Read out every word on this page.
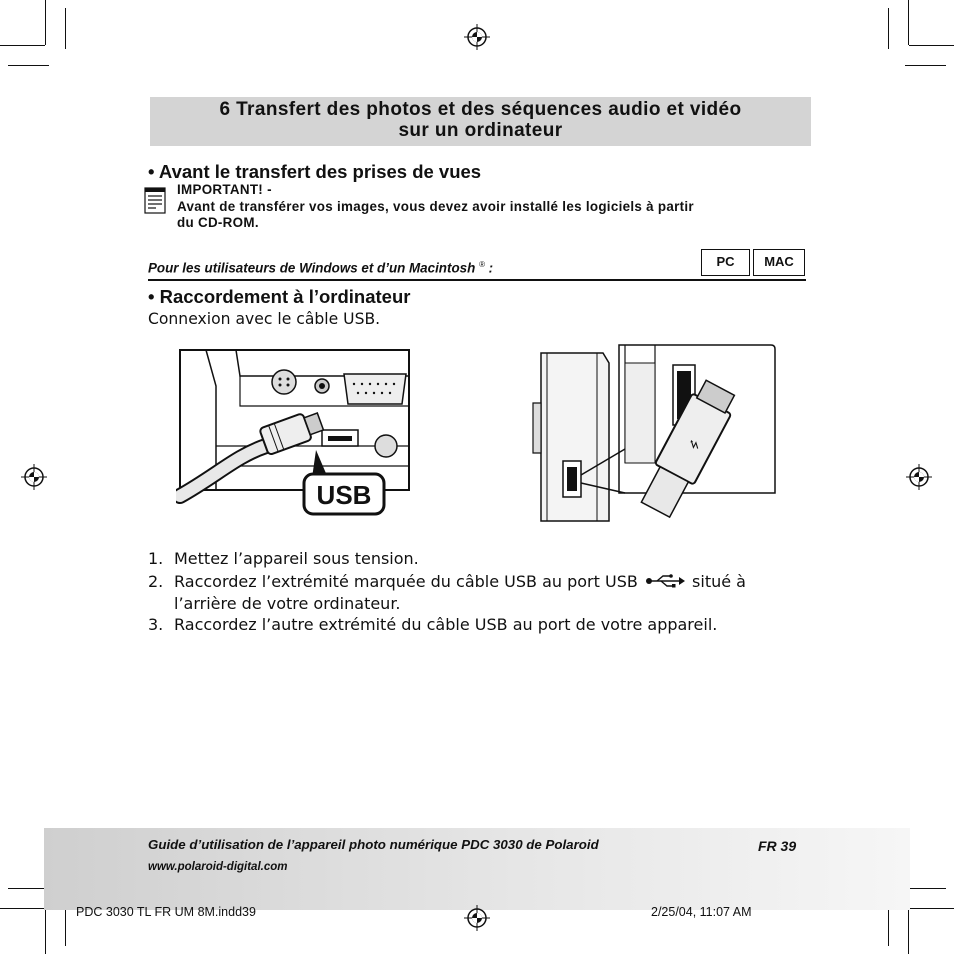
6 Transfert des photos et des séquences audio et vidéo
sur un ordinateur
• Avant le transfert des prises de vues
IMPORTANT! -
Avant de transférer vos images, vous devez avoir installé les logiciels à partir
du CD-ROM.
Pour les utilisateurs de Windows et d’un Macintosh ® :	PC	MAC
• Raccordement à l’ordinateur
Connexion avec le câble USB.
USB
⭍
1. Mettez l’appareil sous tension.
2. Raccordez l’extrémité marquée du câble USB au port USB	situé à
l’arrière de votre ordinateur.
3. Raccordez l’autre extrémité du câble USB au port de votre appareil.
Guide d’utilisation de l’appareil photo numérique PDC 3030 de Polaroid	FR 39
www.polaroid-digital.com
PDC 3030 TL FR UM 8M.indd39	2/25/04, 11:07 AM
